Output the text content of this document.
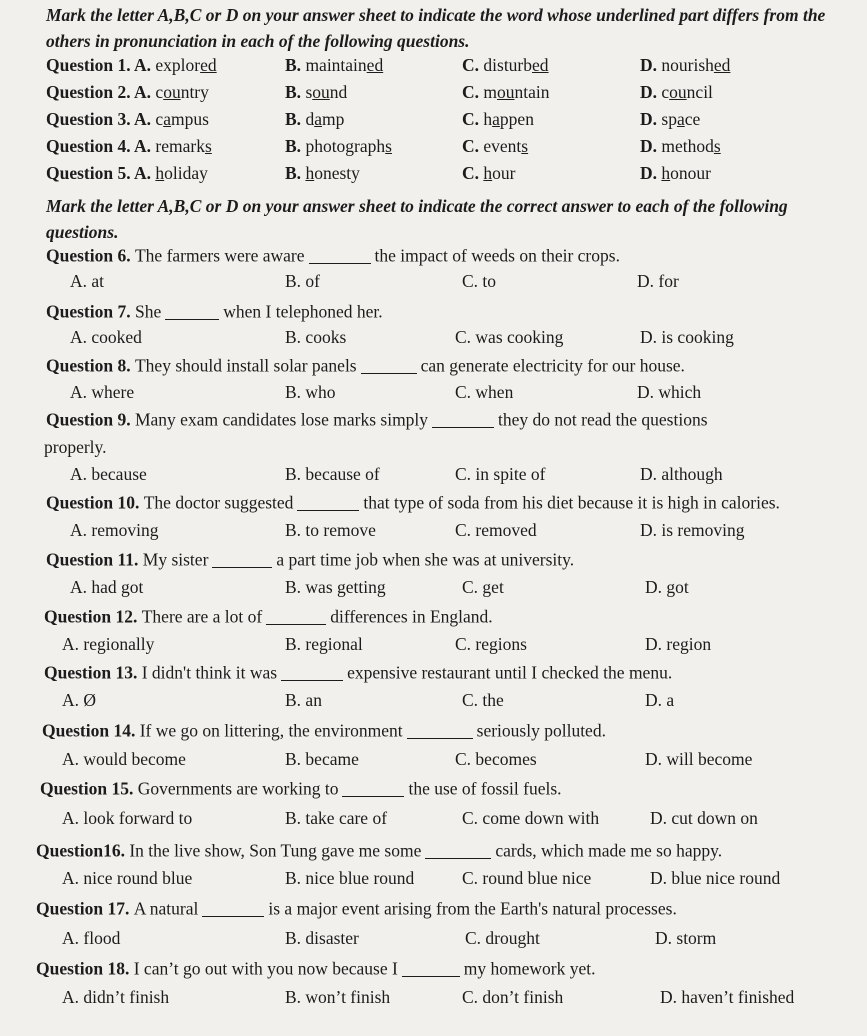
Mark the letter A,B,C or D on your answer sheet to indicate the word whose underlined part differs from the others in pronunciation in each of the following questions.
Question 1. A. explored	B. maintained	C. disturbed	D. nourished
Question 2. A. country	B. sound	C. mountain	D. council
Question 3. A. campus	B. damp	C. happen	D. space
Question 4. A. remarks	B. photographs	C. events	D. methods
Question 5. A. holiday	B. honesty	C. hour	D. honour
Mark the letter A,B,C or D on your answer sheet to indicate the correct answer to each of the following questions.
Question 6. The farmers were aware	the impact of weeds on their crops.
A. at	B. of	C. to	D. for
Question 7. She	when I telephoned her.
A. cooked	B. cooks	C. was cooking	D. is cooking
Question 8. They should install solar panels	can generate electricity for our house.
A. where	B. who	C. when	D. which
Question 9. Many exam candidates lose marks simply	they do not read the questions
properly.
A. because	B. because of	C. in spite of	D. although
Question 10. The doctor suggested	that type of soda from his diet because it is high in calories.
A. removing	B. to remove	C. removed	D. is removing
Question 11. My sister	a part time job when she was at university.
A. had got	B. was getting	C. get	D. got
Question 12. There are a lot of	differences in England.
A. regionally	B. regional	C. regions	D. region
Question 13. I didn't think it was	expensive restaurant until I checked the menu.
A. Ø	B. an	C. the	D. a
Question 14. If we go on littering, the environment	seriously polluted.
A. would become	B. became	C. becomes	D. will become
Question 15. Governments are working to	the use of fossil fuels.
A. look forward to	B. take care of	C. come down with	D. cut down on
Question16. In the live show, Son Tung gave me some	cards, which made me so happy.
A. nice round blue	B. nice blue round	C. round blue nice	D. blue nice round
Question 17. A natural	is a major event arising from the Earth's natural processes.
A. flood	B. disaster	C. drought	D. storm
Question 18. I can’t go out with you now because I	my homework yet.
A. didn’t finish	B. won’t finish	C. don’t finish	D. haven’t finished
